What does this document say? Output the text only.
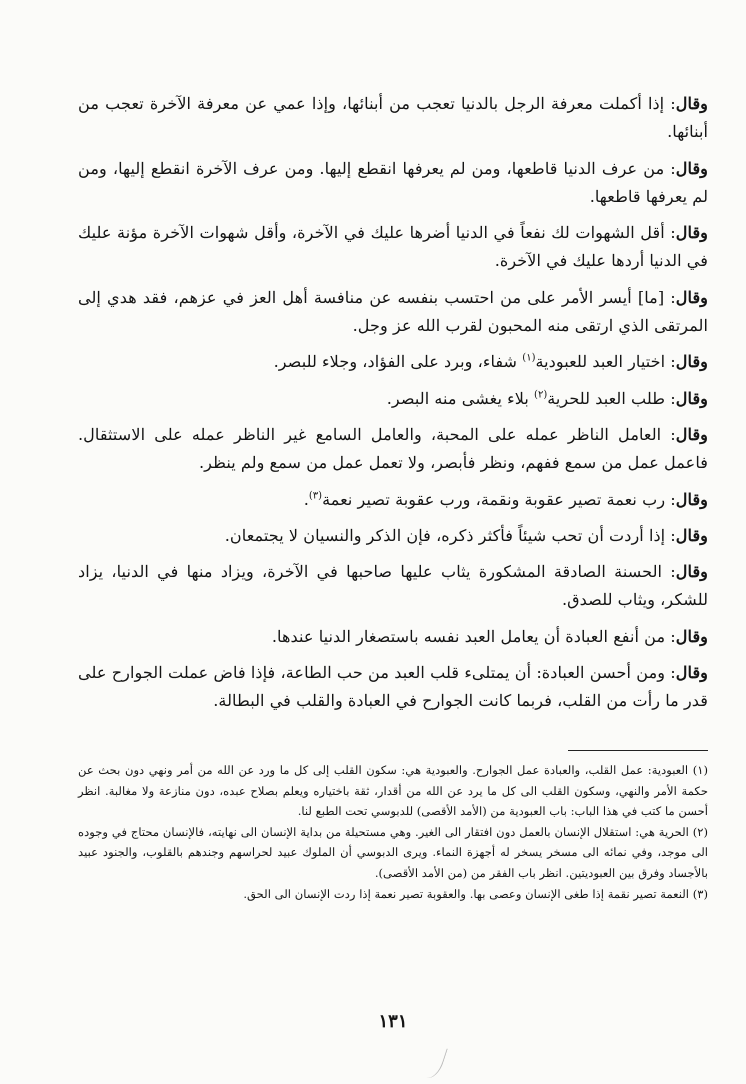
وقال: إذا أكملت معرفة الرجل بالدنيا تعجب من أبنائها، وإذا عمي عن معرفة الآخرة تعجب من أبنائها.

وقال: من عرف الدنيا قاطعها، ومن لم يعرفها انقطع إليها. ومن عرف الآخرة انقطع إليها، ومن لم يعرفها قاطعها.

وقال: أقل الشهوات لك نفعاً في الدنيا أضرها عليك في الآخرة، وأقل شهوات الآخرة مؤنة عليك في الدنيا أردها عليك في الآخرة.

وقال: [ما] أيسر الأمر على من احتسب بنفسه عن منافسة أهل العز في عزهم، فقد هدي إلى المرتقى الذي ارتقى منه المحبون لقرب الله عز وجل.

وقال: اختيار العبد للعبودية$^{(١)}$ شفاء، وبرد على الفؤاد، وجلاء للبصر.

وقال: طلب العبد للحرية$^{(٢)}$ بلاء يغشى منه البصر.

وقال: العامل الناظر عمله على المحبة، والعامل السامع غير الناظر عمله على الاستثقال. فاعمل عمل من سمع ففهم، ونظر فأبصر، ولا تعمل عمل من سمع ولم ينظر.

وقال: رب نعمة تصير عقوبة ونقمة، ورب عقوبة تصير نعمة$^{(٣)}$.

وقال: إذا أردت أن تحب شيئاً فأكثر ذكره، فإن الذكر والنسيان لا يجتمعان.

وقال: الحسنة الصادقة المشكورة يثاب عليها صاحبها في الآخرة، ويزاد منها في الدنيا، يزاد للشكر، ويثاب للصدق.

وقال: من أنفع العبادة أن يعامل العبد نفسه باستصغار الدنيا عندها.

وقال: ومن أحسن العبادة: أن يمتلىء قلب العبد من حب الطاعة، فإذا فاض عملت الجوارح على قدر ما رأت من القلب، فربما كانت الجوارح في العبادة والقلب في البطالة.

(١) العبودية: عمل القلب، والعبادة عمل الجوارح. والعبودية هي: سكون القلب إلى كل ما ورد عن الله من أمر ونهي دون بحث عن حكمة الأمر والنهي، وسكون القلب الى كل ما يرد عن الله من أقدار، ثقة باختياره ويعلم بصلاح عبده، دون منازعة ولا مغالبة. انظر أحسن ما كتب في هذا الباب: باب العبودية من (الأمد الأقصى) للدبوسي تحت الطبع لنا.

(٢) الحرية هي: استقلال الإنسان بالعمل دون افتقار الى الغير. وهي مستحيلة من بداية الإنسان الى نهايته، فالإنسان محتاج في وجوده الى موجد، وفي نمائه الى مسخر يسخر له أجهزة النماء. ويرى الدبوسي أن الملوك عبيد لحراسهم وجندهم بالقلوب، والجنود عبيد بالأجساد وفرق بين العبوديتين. انظر باب الفقر من (من الأمد الأقصى).

(٣) النعمة تصير نقمة إذا طغى الإنسان وعصى بها. والعقوبة تصير نعمة إذا ردت الإنسان الى الحق.

١٣١
